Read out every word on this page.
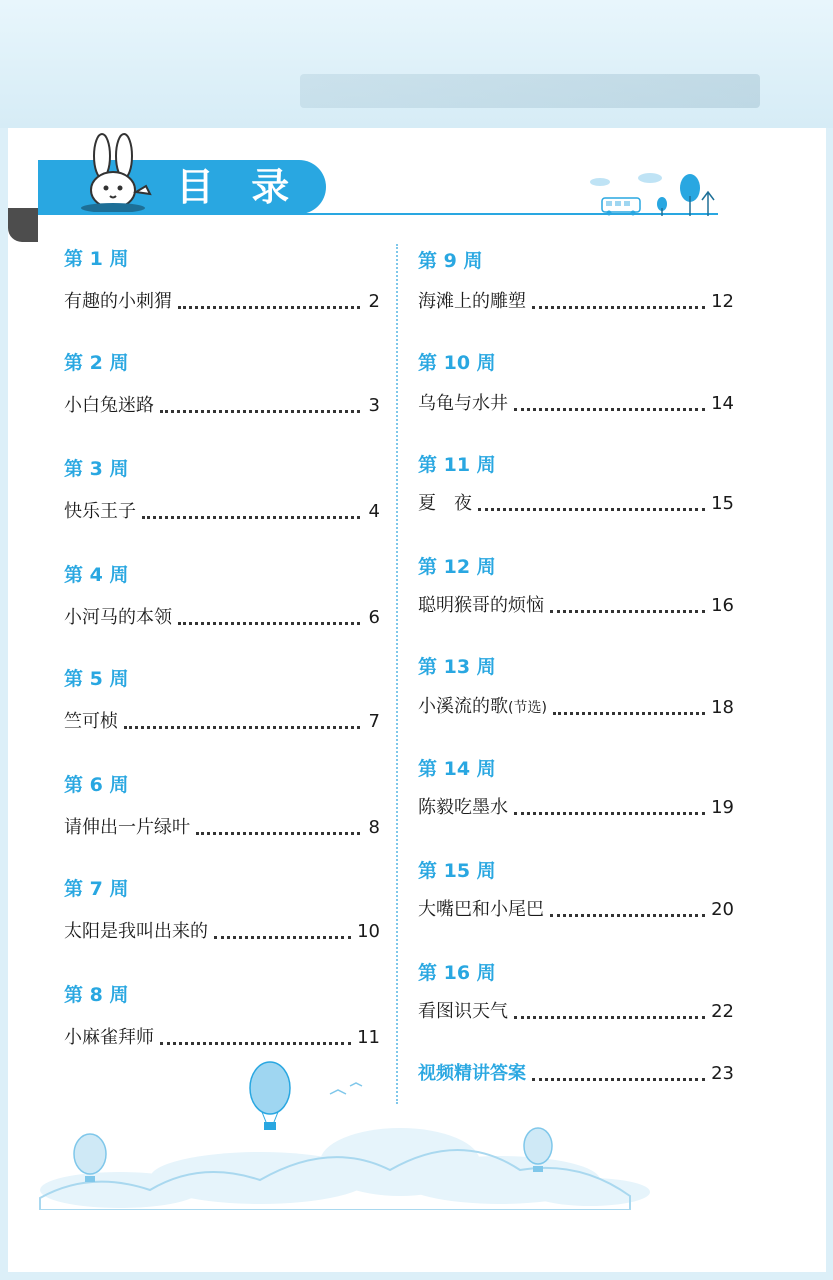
目 录
第 1 周
有趣的小刺猬	2
第 2 周
小白兔迷路	3
第 3 周
快乐王子	4
第 4 周
小河马的本领	6
第 5 周
竺可桢	7
第 6 周
请伸出一片绿叶	8
第 7 周
太阳是我叫出来的	10
第 8 周
小麻雀拜师	11
第 9 周
海滩上的雕塑	12
第 10 周
乌龟与水井	14
第 11 周
夏　夜	15
第 12 周
聪明猴哥的烦恼	16
第 13 周
小溪流的歌(节选)	18
第 14 周
陈毅吃墨水	19
第 15 周
大嘴巴和小尾巴	20
第 16 周
看图识天气	22
视频精讲答案	23
